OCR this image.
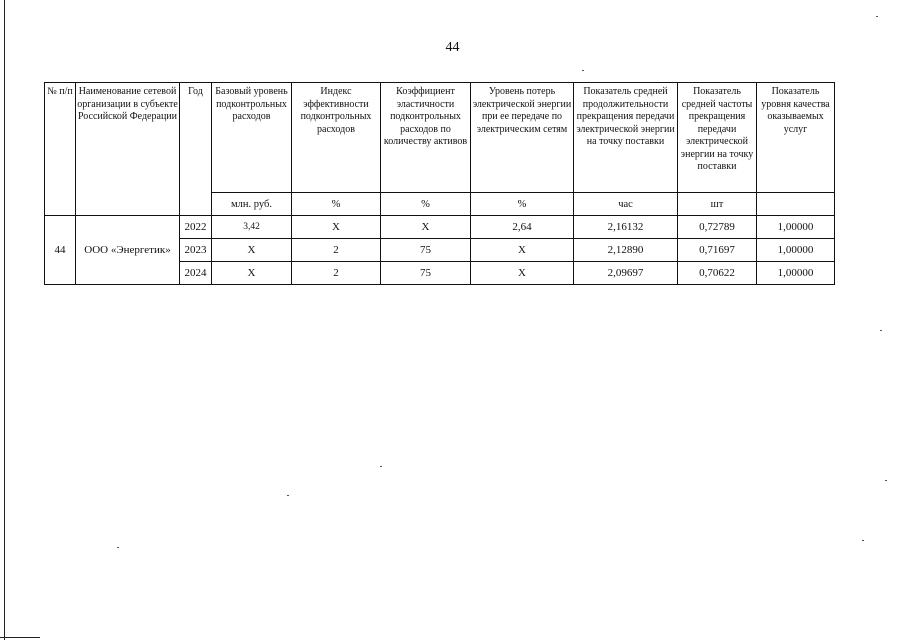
44
№ п/п	Наименование сетевой организации в субъекте Российской Федерации	Год	Базовый уровень подконтрольных расходов	Индекс эффективности подконтрольных расходов	Коэффициент эластичности подконтрольных расходов по количеству активов	Уровень потерь электрической энергии при ее передаче по электрическим сетям	Показатель средней продолжительности прекращения передачи электрической энергии на точку поставки	Показатель средней частоты прекращения передачи электрической энергии на точку поставки	Показатель уровня качества оказываемых услуг
			млн. руб.	%	%	%	час	шт	
44	ООО «Энергетик»	2022	3,42	Х	Х	2,64	2,16132	0,72789	1,00000
		2023	Х	2	75	Х	2,12890	0,71697	1,00000
		2024	Х	2	75	Х	2,09697	0,70622	1,00000
